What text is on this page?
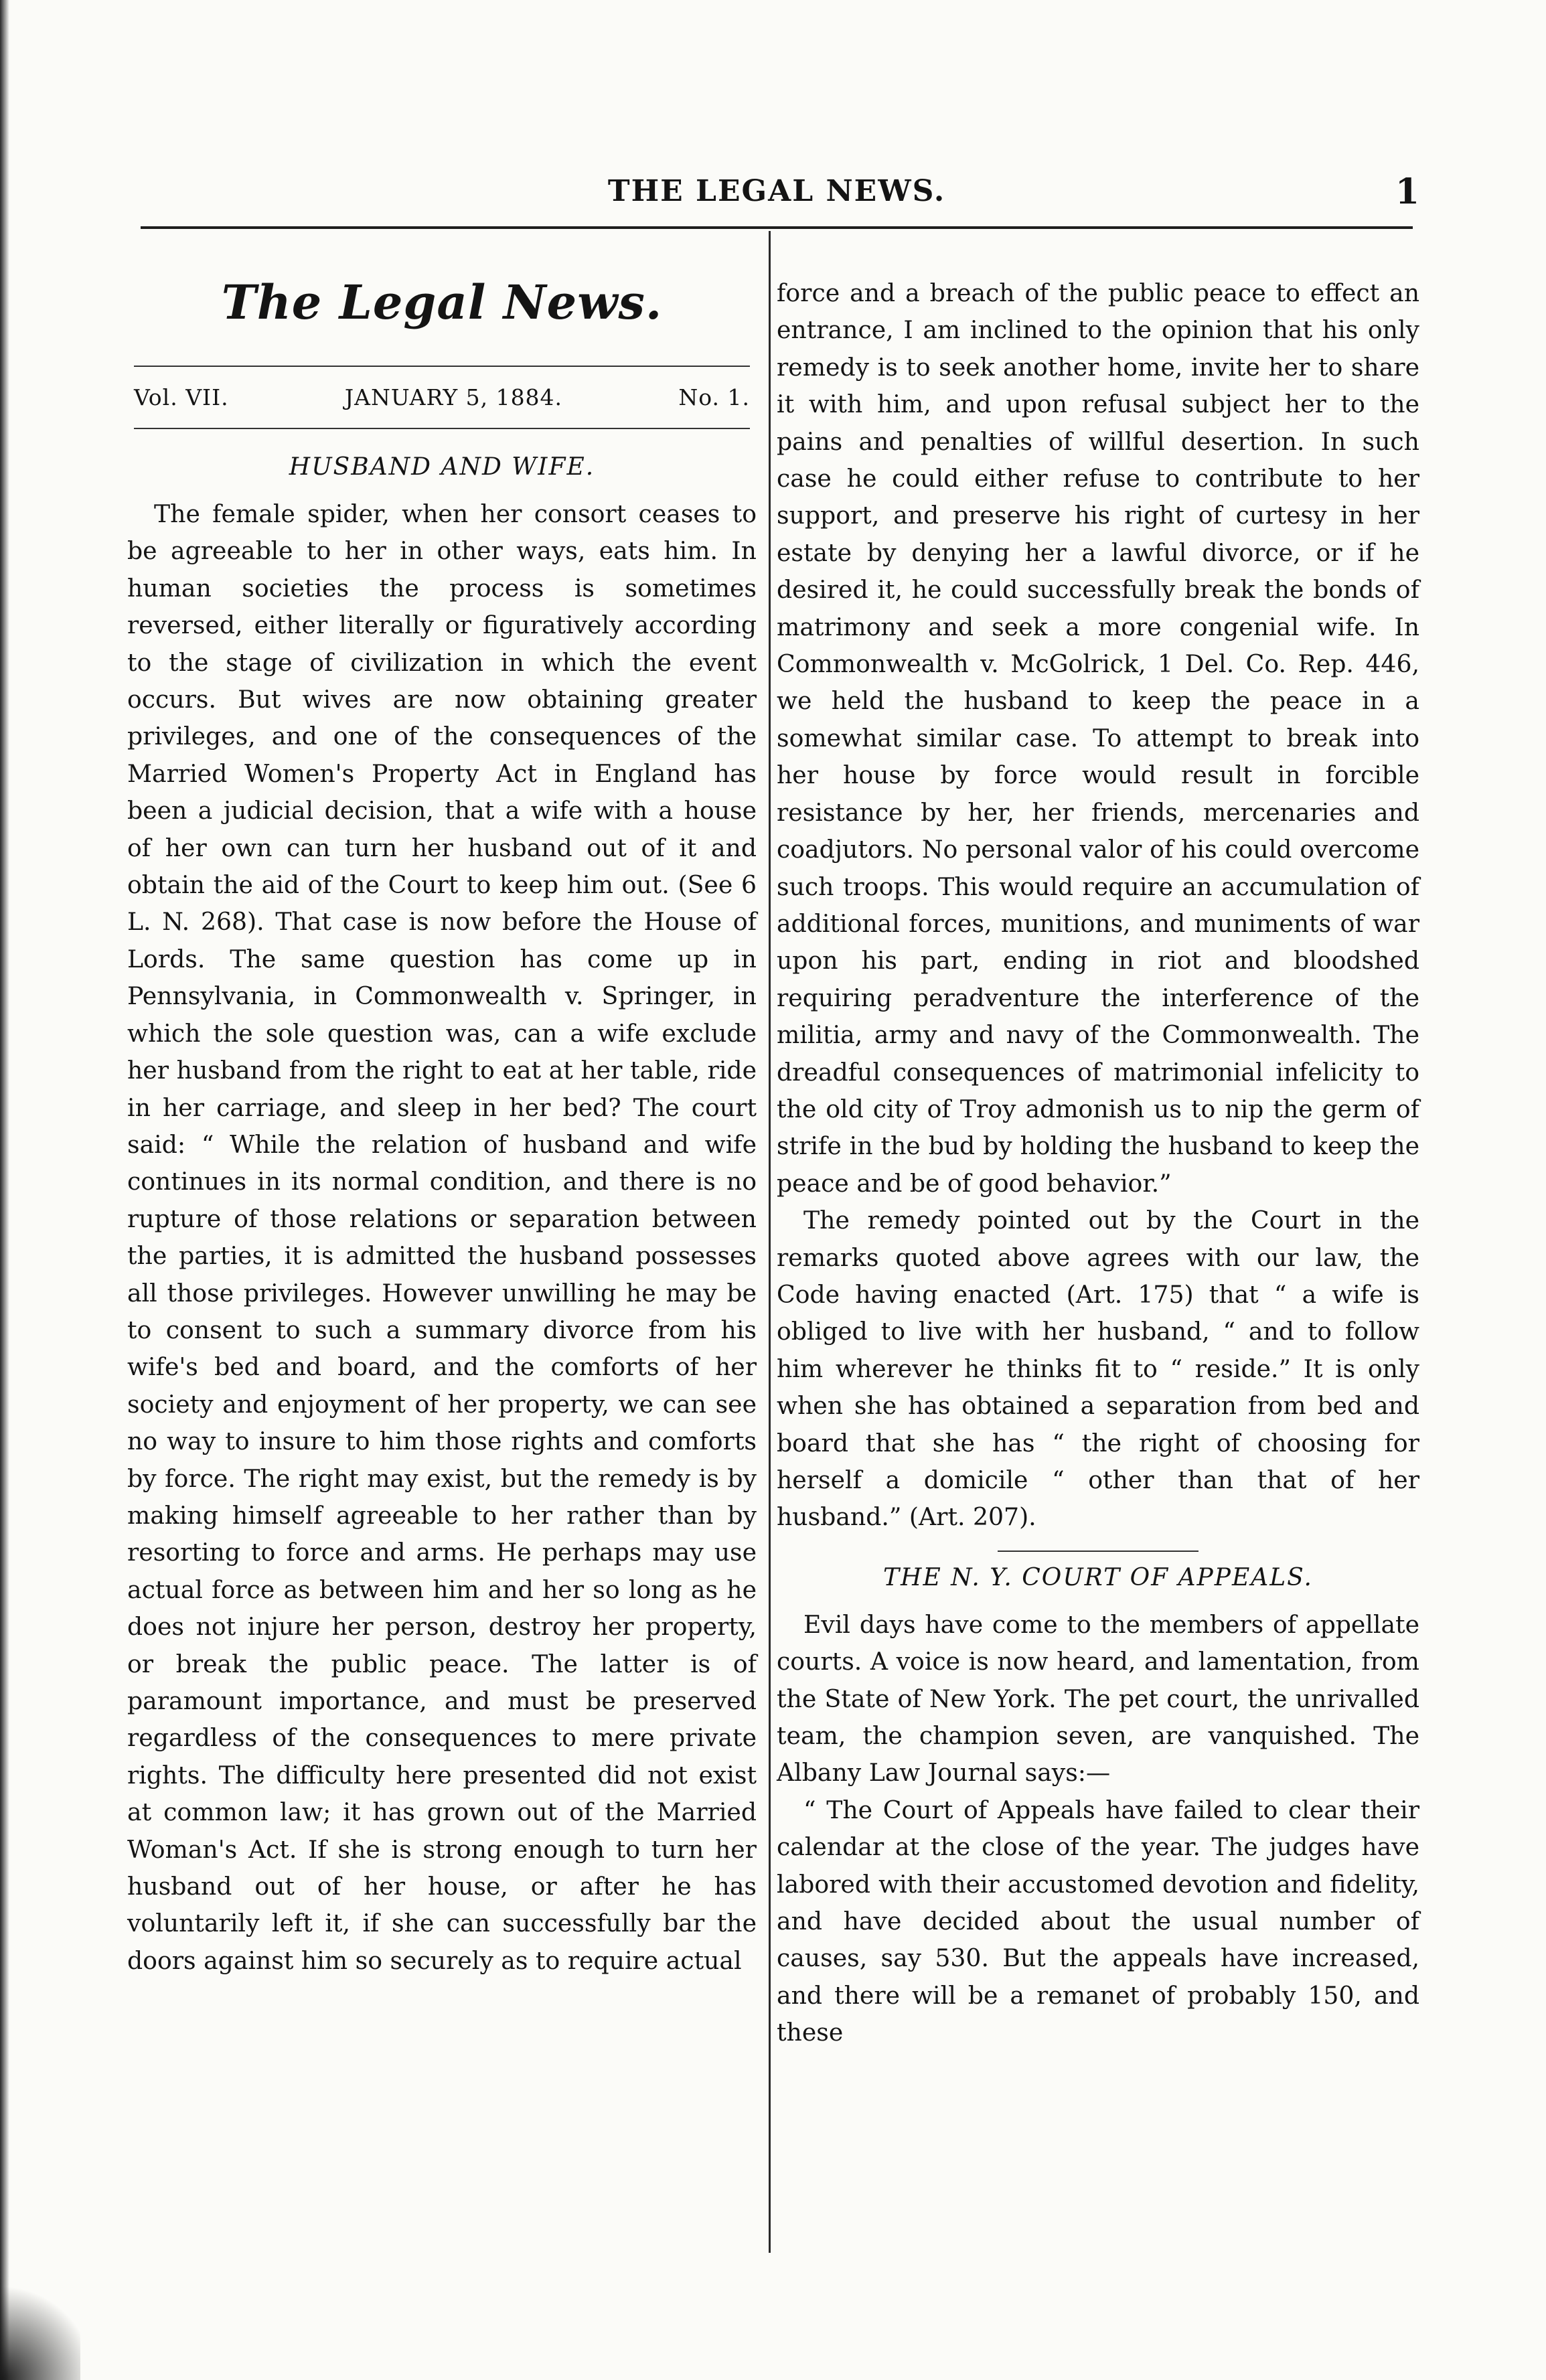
THE LEGAL NEWS.	1
The Legal News.
Vol. VII.	JANUARY 5, 1884.	No. 1.
HUSBAND AND WIFE.

The female spider, when her consort ceases to be agreeable to her in other ways, eats him. In human societies the process is sometimes reversed, either literally or figuratively according to the stage of civilization in which the event occurs. But wives are now obtaining greater privileges, and one of the consequences of the Married Women's Property Act in England has been a judicial decision, that a wife with a house of her own can turn her husband out of it and obtain the aid of the Court to keep him out. (See 6 L. N. 268). That case is now before the House of Lords. The same question has come up in Pennsylvania, in Commonwealth v. Springer, in which the sole question was, can a wife exclude her husband from the right to eat at her table, ride in her carriage, and sleep in her bed? The court said: “ While the relation of husband and wife continues in its normal condition, and there is no rupture of those relations or separation between the parties, it is admitted the husband possesses all those privileges. However unwilling he may be to consent to such a summary divorce from his wife's bed and board, and the comforts of her society and enjoyment of her property, we can see no way to insure to him those rights and comforts by force. The right may exist, but the remedy is by making himself agreeable to her rather than by resorting to force and arms. He perhaps may use actual force as between him and her so long as he does not injure her person, destroy her property, or break the public peace. The latter is of paramount importance, and must be preserved regardless of the consequences to mere private rights. The difficulty here presented did not exist at common law; it has grown out of the Married Woman's Act. If she is strong enough to turn her husband out of her house, or after he has voluntarily left it, if she can successfully bar the doors against him so securely as to require actual

force and a breach of the public peace to effect an entrance, I am inclined to the opinion that his only remedy is to seek another home, invite her to share it with him, and upon refusal subject her to the pains and penalties of willful desertion. In such case he could either refuse to contribute to her support, and preserve his right of curtesy in her estate by denying her a lawful divorce, or if he desired it, he could successfully break the bonds of matrimony and seek a more congenial wife. In Commonwealth v. McGolrick, 1 Del. Co. Rep. 446, we held the husband to keep the peace in a somewhat similar case. To attempt to break into her house by force would result in forcible resistance by her, her friends, mercenaries and coadjutors. No personal valor of his could overcome such troops. This would require an accumulation of additional forces, munitions, and muniments of war upon his part, ending in riot and bloodshed requiring peradventure the interference of the militia, army and navy of the Commonwealth. The dreadful consequences of matrimonial infelicity to the old city of Troy admonish us to nip the germ of strife in the bud by holding the husband to keep the peace and be of good behavior.”

The remedy pointed out by the Court in the remarks quoted above agrees with our law, the Code having enacted (Art. 175) that “ a wife is obliged to live with her husband, “ and to follow him wherever he thinks fit to “ reside.” It is only when she has obtained a separation from bed and board that she has “ the right of choosing for herself a domicile “ other than that of her husband.” (Art. 207).

THE N. Y. COURT OF APPEALS.

Evil days have come to the members of appellate courts. A voice is now heard, and lamentation, from the State of New York. The pet court, the unrivalled team, the champion seven, are vanquished. The Albany Law Journal says:—

“ The Court of Appeals have failed to clear their calendar at the close of the year. The judges have labored with their accustomed devotion and fidelity, and have decided about the usual number of causes, say 530. But the appeals have increased, and there will be a remanet of probably 150, and these
